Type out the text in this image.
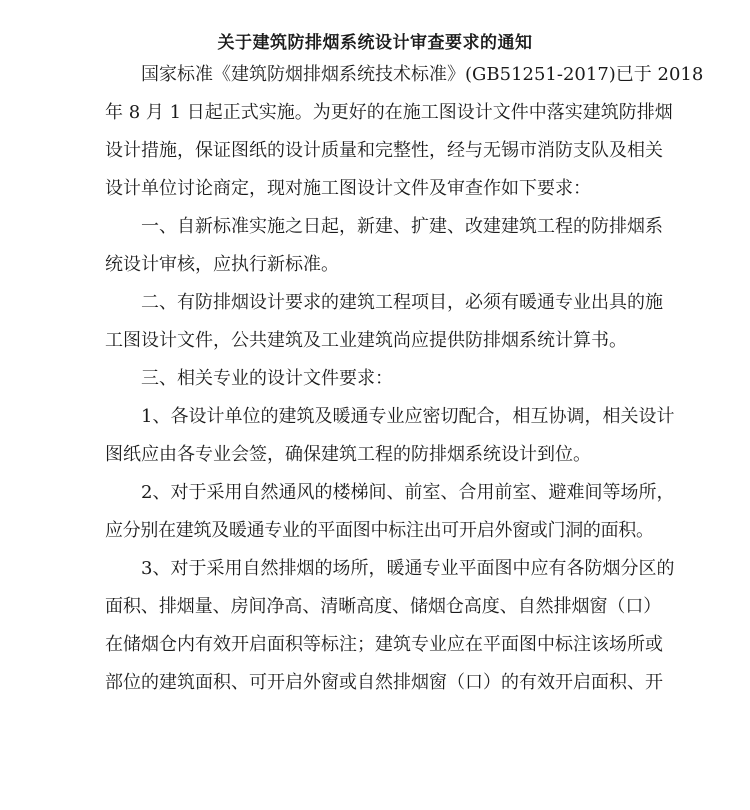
关于建筑防排烟系统设计审查要求的通知
国家标准《建筑防烟排烟系统技术标准》(GB51251-2017)已于 2018
年 8 月 1 日起正式实施。为更好的在施工图设计文件中落实建筑防排烟
设计措施，保证图纸的设计质量和完整性，经与无锡市消防支队及相关
设计单位讨论商定，现对施工图设计文件及审查作如下要求：
一、自新标准实施之日起，新建、扩建、改建建筑工程的防排烟系
统设计审核，应执行新标准。
二、有防排烟设计要求的建筑工程项目，必须有暖通专业出具的施
工图设计文件，公共建筑及工业建筑尚应提供防排烟系统计算书。
三、相关专业的设计文件要求：
1、各设计单位的建筑及暖通专业应密切配合，相互协调，相关设计
图纸应由各专业会签，确保建筑工程的防排烟系统设计到位。
2、对于采用自然通风的楼梯间、前室、合用前室、避难间等场所，
应分别在建筑及暖通专业的平面图中标注出可开启外窗或门洞的面积。
3、对于采用自然排烟的场所，暖通专业平面图中应有各防烟分区的
面积、排烟量、房间净高、清晰高度、储烟仓高度、自然排烟窗（口）
在储烟仓内有效开启面积等标注；建筑专业应在平面图中标注该场所或
部位的建筑面积、可开启外窗或自然排烟窗（口）的有效开启面积、开
